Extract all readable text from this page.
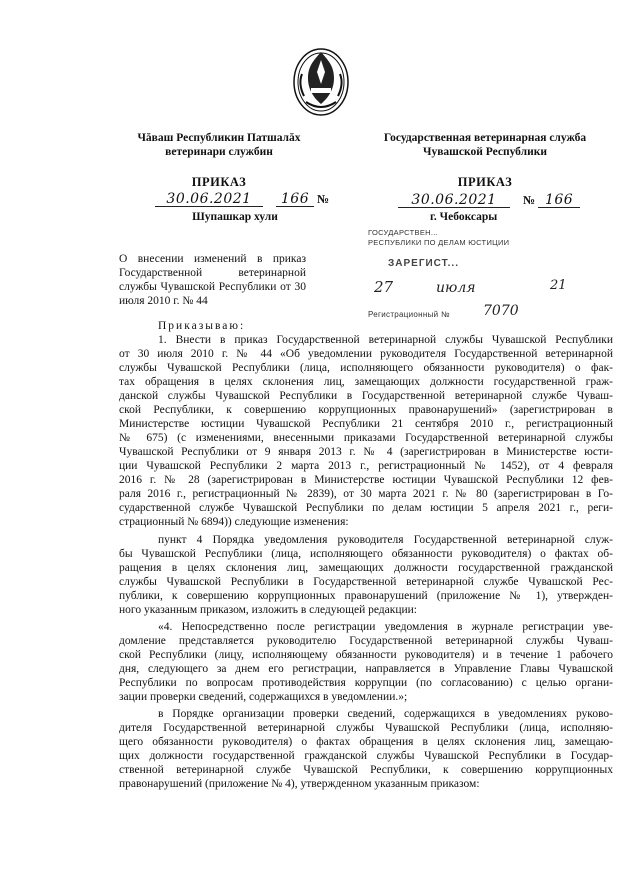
Чăваш Республикин Патшалăх
ветеринари службин
Государственная ветеринарная служба
Чувашской Республики
ПРИКАЗ	ПРИКАЗ
30.06.2021 166 №	30.06.2021 № 166
Шупашкар хули	г. Чебоксары
ГОСУДАРСТВЕН...
РЕСПУБЛИКИ ПО ДЕЛАМ ЮСТИЦИИ
ЗАРЕГИСТ...
27	июля	21
Регистрационный № 7070
О внесении изменений в приказ Государственной ветеринарной службы Чувашской Республики от 30 июля 2010 г. № 44
Приказываю:
1. Внести в приказ Государственной ветеринарной службы Чувашской Республики
от 30 июля 2010 г. № 44 «Об уведомлении руководителя Государственной ветеринарной
службы Чувашской Республики (лица, исполняющего обязанности руководителя) о фак-
тах обращения в целях склонения лиц, замещающих должности государственной граж-
данской службы Чувашской Республики в Государственной ветеринарной службе Чуваш-
ской Республики, к совершению коррупционных правонарушений» (зарегистрирован в
Министерстве юстиции Чувашской Республики 21 сентября 2010 г., регистрационный
№ 675) (с изменениями, внесенными приказами Государственной ветеринарной службы
Чувашской Республики от 9 января 2013 г. № 4 (зарегистрирован в Министерстве юсти-
ции Чувашской Республики 2 марта 2013 г., регистрационный № 1452), от 4 февраля
2016 г. № 28 (зарегистрирован в Министерстве юстиции Чувашской Республики 12 фев-
раля 2016 г., регистрационный № 2839), от 30 марта 2021 г. № 80 (зарегистрирован в Го-
сударственной службе Чувашской Республики по делам юстиции 5 апреля 2021 г., реги-
страционный № 6894)) следующие изменения:
пункт 4 Порядка уведомления руководителя Государственной ветеринарной служ-
бы Чувашской Республики (лица, исполняющего обязанности руководителя) о фактах об-
ращения в целях склонения лиц, замещающих должности государственной гражданской
службы Чувашской Республики в Государственной ветеринарной службе Чувашской Рес-
публики, к совершению коррупционных правонарушений (приложение № 1), утвержден-
ного указанным приказом, изложить в следующей редакции:
«4. Непосредственно после регистрации уведомления в журнале регистрации уве-
домление представляется руководителю Государственной ветеринарной службы Чуваш-
ской Республики (лицу, исполняющему обязанности руководителя) и в течение 1 рабочего
дня, следующего за днем его регистрации, направляется в Управление Главы Чувашской
Республики по вопросам противодействия коррупции (по согласованию) с целью органи-
зации проверки сведений, содержащихся в уведомлении.»;
в Порядке организации проверки сведений, содержащихся в уведомлениях руково-
дителя Государственной ветеринарной службы Чувашской Республики (лица, исполняю-
щего обязанности руководителя) о фактах обращения в целях склонения лиц, замещаю-
щих должности государственной гражданской службы Чувашской Республики в Государ-
ственной ветеринарной службе Чувашской Республики, к совершению коррупционных
правонарушений (приложение № 4), утвержденном указанным приказом:
